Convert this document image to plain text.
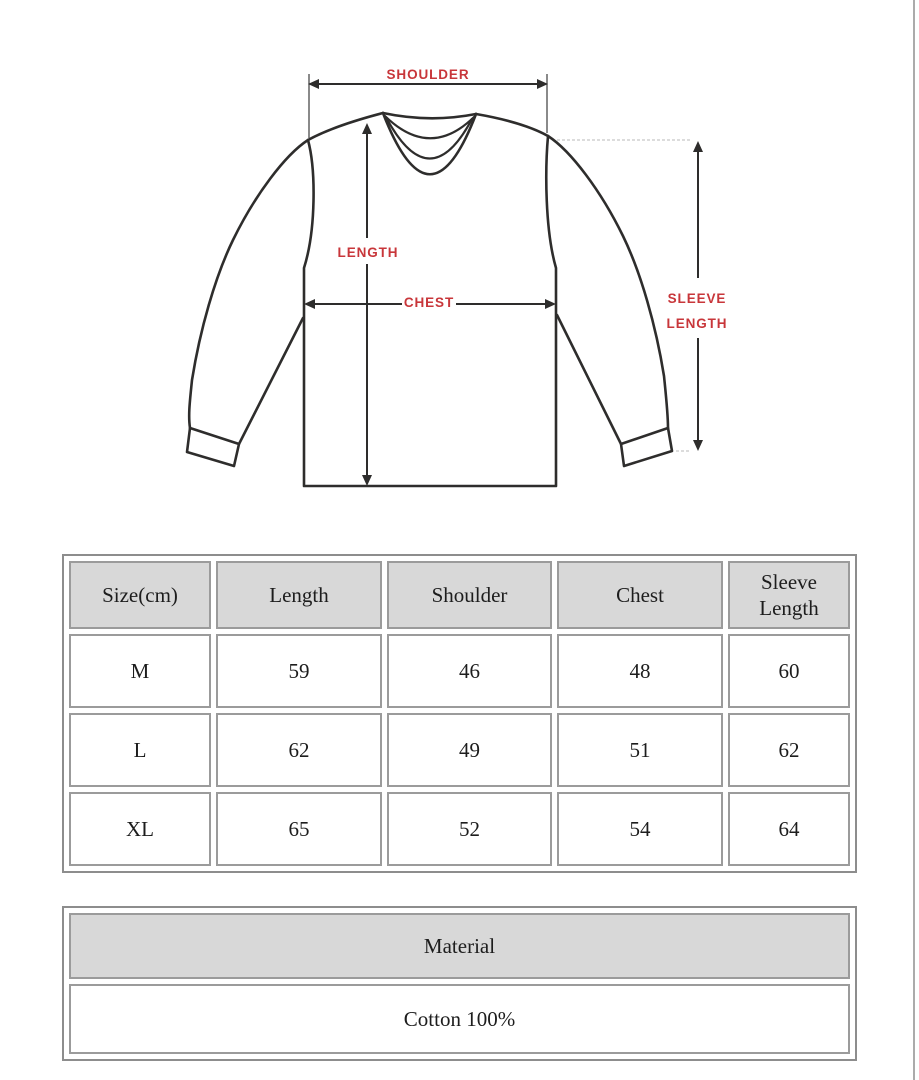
SHOULDER
LENGTH
CHEST	SLEEVE
LENGTH
Size(cm)	Length	Shoulder	Chest	Sleeve Length

M	59	46	48	60
L	62	49	51	62
XL	65	52	54	64
Material
Cotton 100%
